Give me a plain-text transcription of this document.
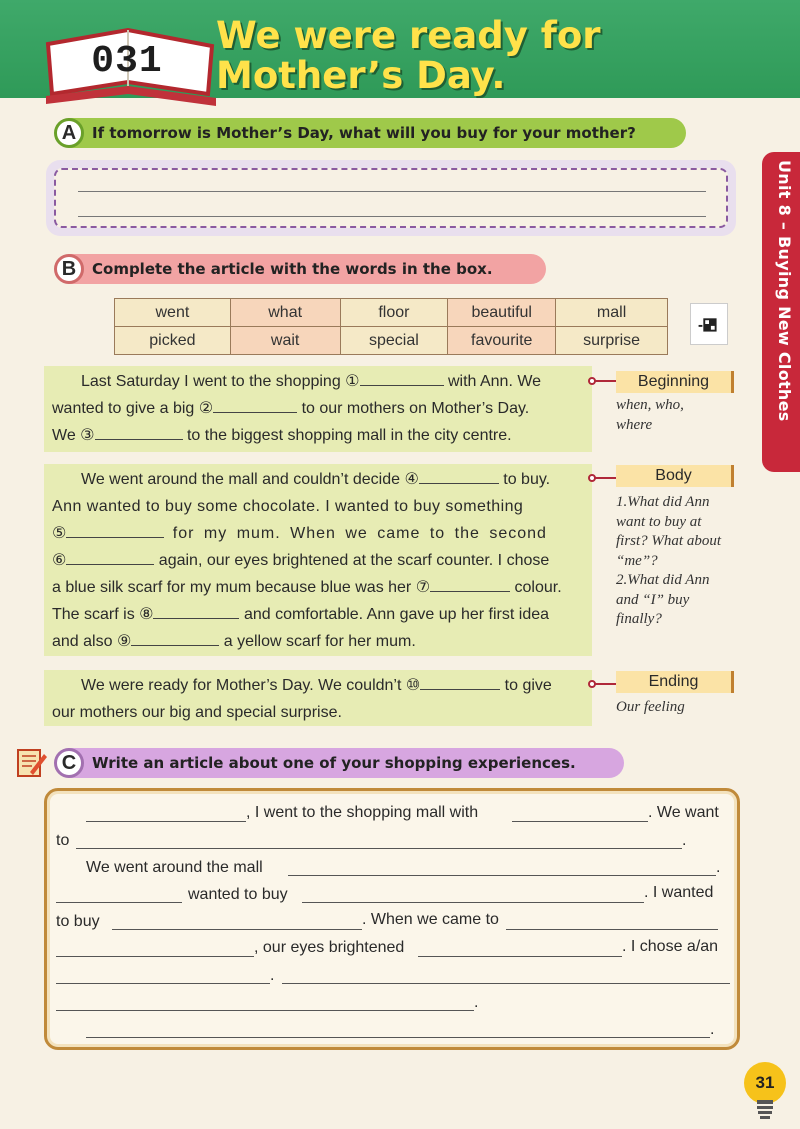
031
We were ready for
Mother’s Day.
Unit 8 – Buying New Clothes
A	If tomorrow is Mother’s Day, what will you buy for your mother?
B	Complete the article with the words in the box.
went	what	floor	beautiful	mall
picked	wait	special	favourite	surprise
Last Saturday I went to the shopping ①	with Ann. We
wanted to give a big ②	to our mothers on Mother’s Day.
We ③	to the biggest shopping mall in the city centre.
Beginning
when, who,
where
We went around the mall and couldn’t decide ④	to buy.
Ann wanted to buy some chocolate. I wanted to buy something
⑤	for my mum. When we came to the second
⑥	again, our eyes brightened at the scarf counter. I chose
a blue silk scarf for my mum because blue was her ⑦	colour.
The scarf is ⑧	and comfortable. Ann gave up her first idea
and also ⑨	a yellow scarf for her mum.
Body
1.What did Ann
want to buy at
first? What about
“me”?
2.What did Ann
and “I” buy
finally?
We were ready for Mother’s Day. We couldn’t ⑩	to give
our mothers our big and special surprise.
Ending
Our feeling
C	Write an article about one of your shopping experiences.
, I went to the shopping mall with	. We want
to	.
We went around the mall	.
wanted to buy	. I wanted
to buy	. When we came to
, our eyes brightened	. I chose a/an
.
.
.
31
